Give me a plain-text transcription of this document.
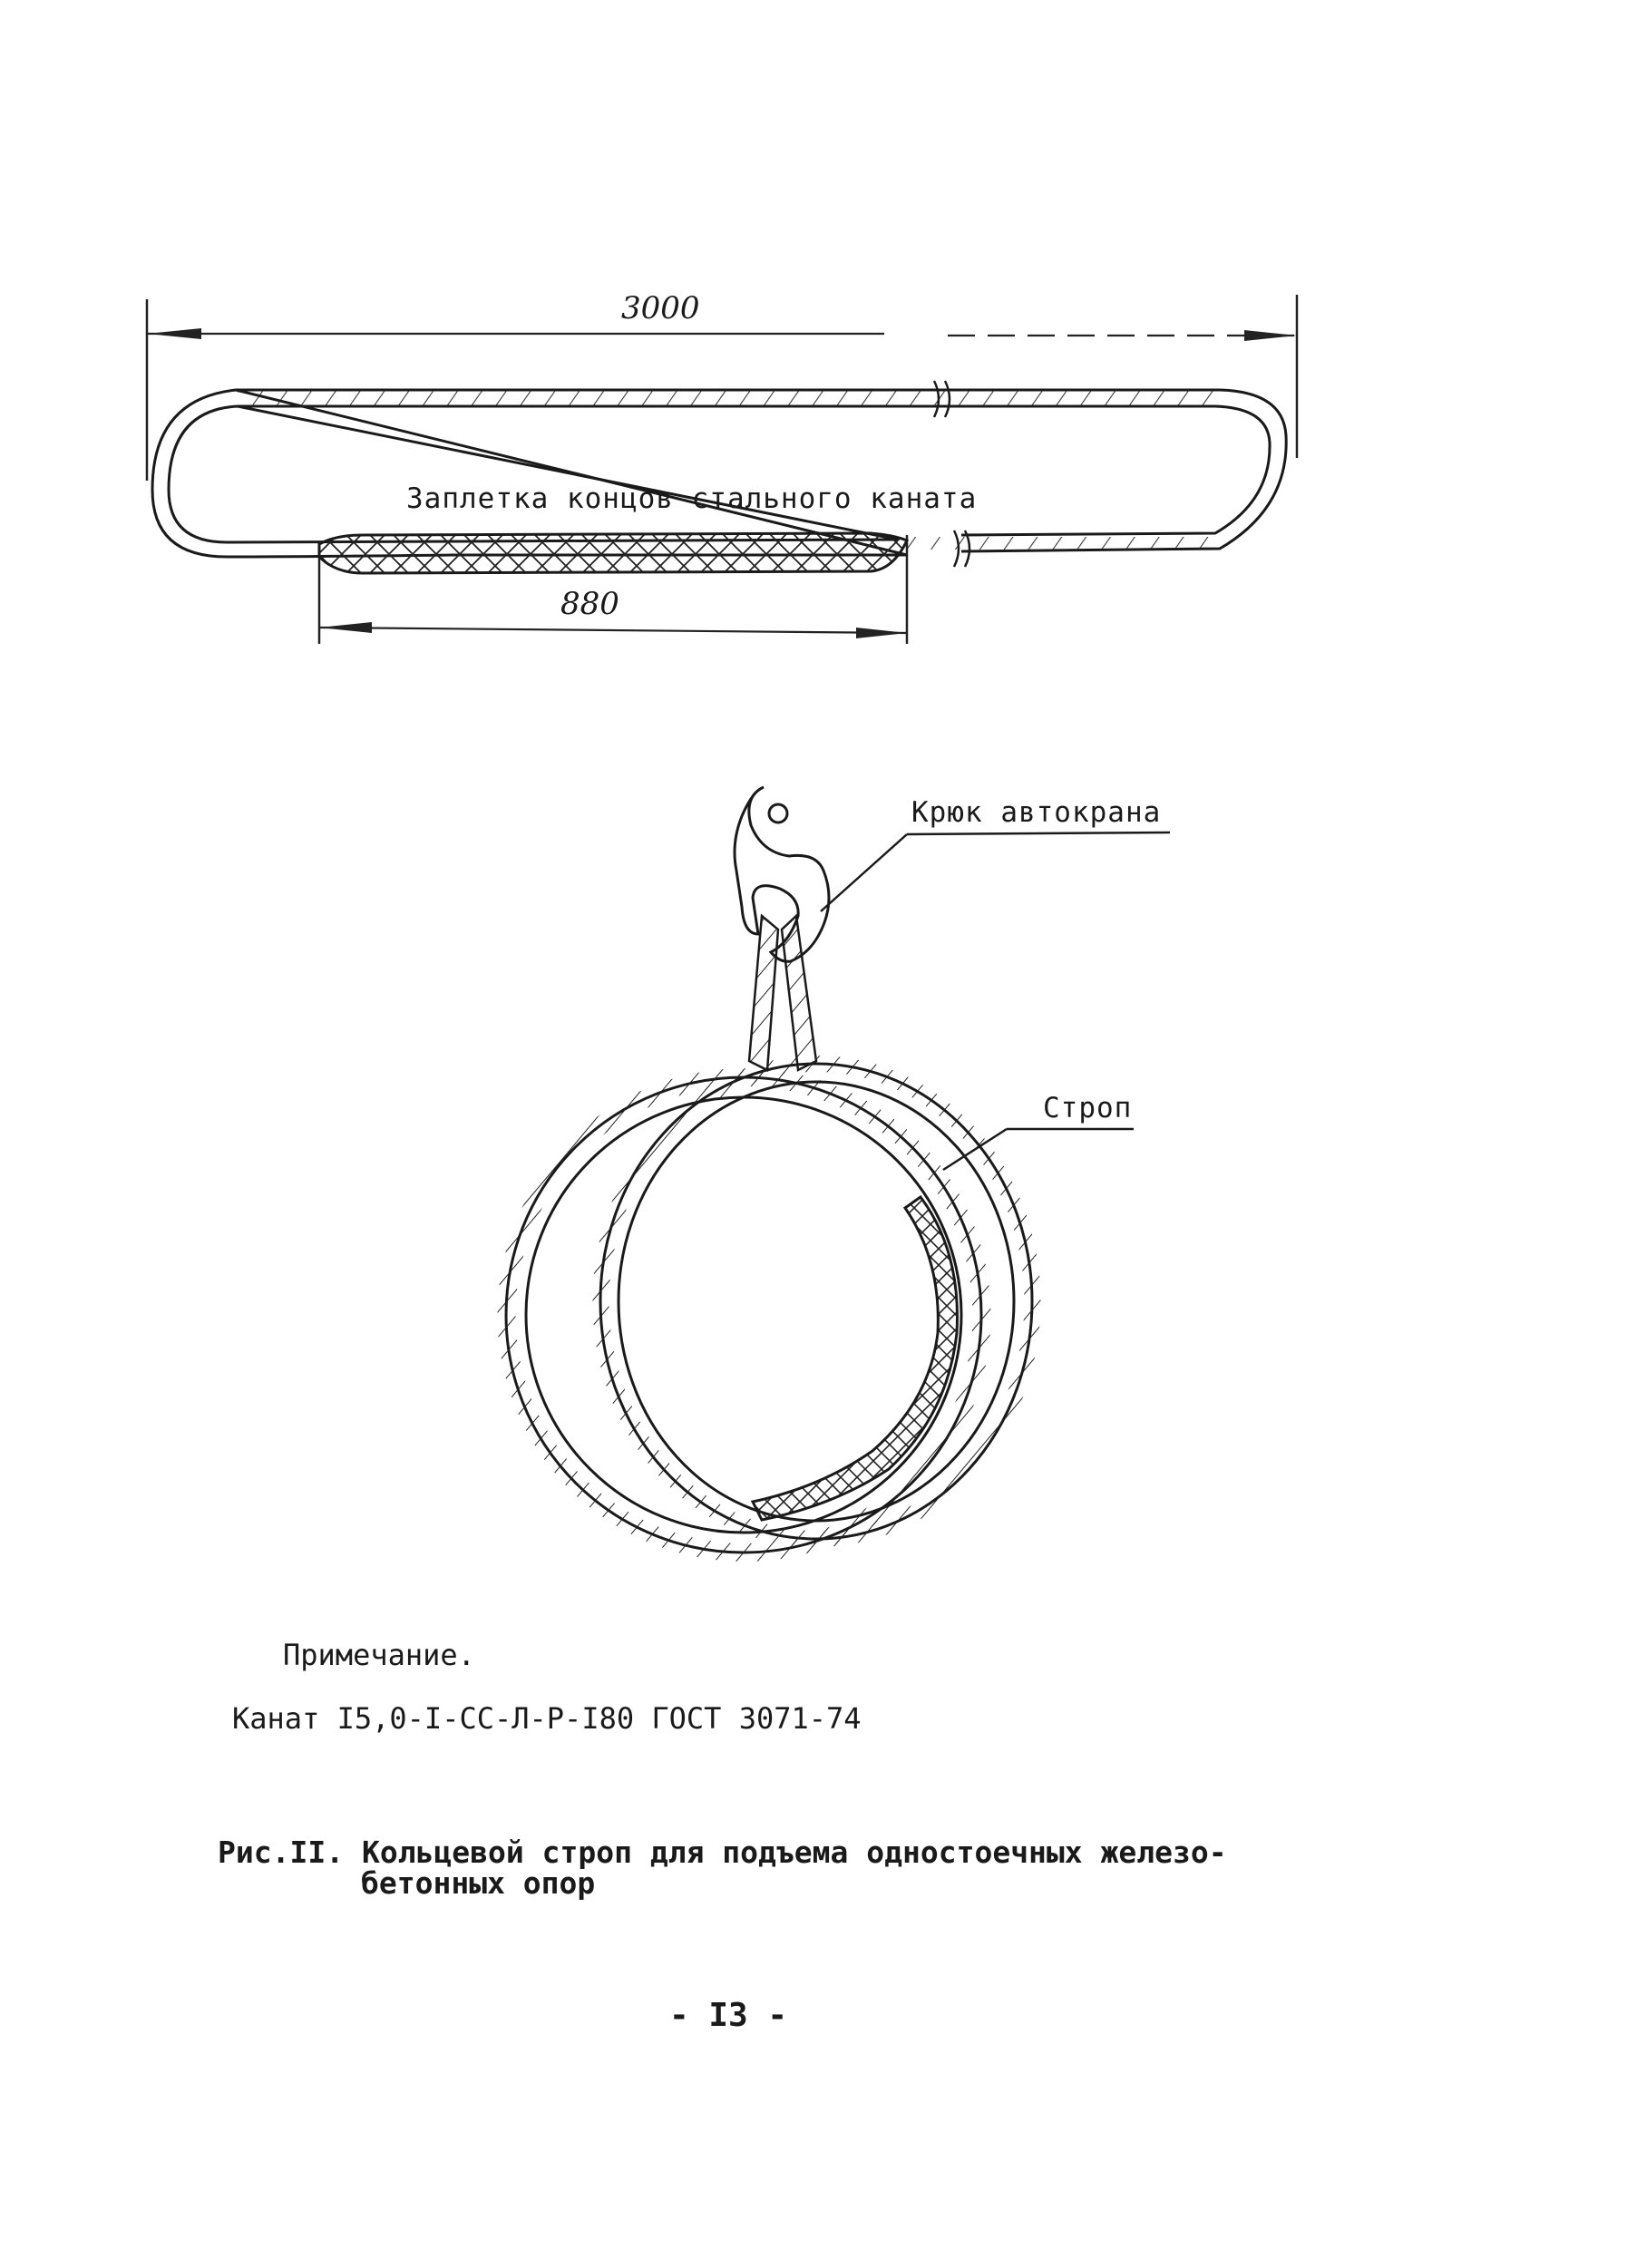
3000
Заплетка концов стального каната
880
Крюк автокрана
Строп
Примечание.
Канат I5,0-I-СС-Л-Р-I80 ГОСТ 3071-74
Рис.II. Кольцевой строп для подъема одностоечных железо-
бетонных опор
- I3 -
